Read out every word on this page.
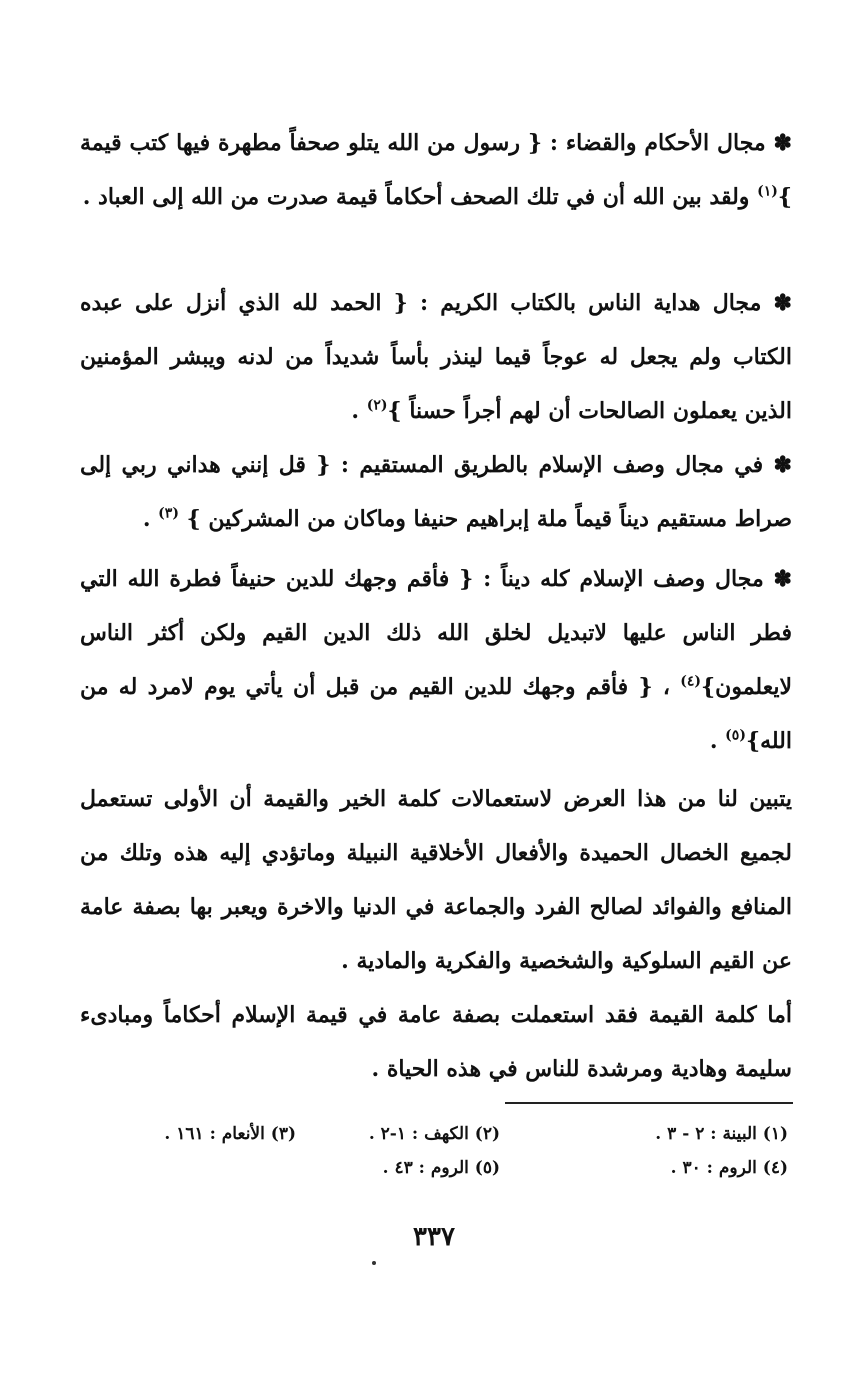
✽ مجال الأحكام والقضاء : { رسول من الله يتلو صحفاً مطهرة فيها كتب قيمة }$^{(١)}$ ولقد بين الله أن في تلك الصحف أحكاماً قيمة صدرت من الله إلى العباد .

✽ مجال هداية الناس بالكتاب الكريم : { الحمد لله الذي أنزل على عبده الكتاب ولم يجعل له عوجاً قيما لينذر بأساً شديداً من لدنه ويبشر المؤمنين الذين يعملون الصالحات أن لهم أجراً حسناً }$^{(٢)}$ .

✽ في مجال وصف الإسلام بالطريق المستقيم : { قل إنني هداني ربي إلى صراط مستقيم ديناً قيماً ملة إبراهيم حنيفا وماكان من المشركين } $^{(٣)}$ .

✽ مجال وصف الإسلام كله ديناً : { فأقم وجهك للدين حنيفاً فطرة الله التي فطر الناس عليها لاتبديل لخلق الله ذلك الدين القيم ولكن أكثر الناس لايعلمون}$^{(٤)}$ ، { فأقم وجهك للدين القيم من قبل أن يأتي يوم لامرد له من الله}$^{(٥)}$ .

يتبين لنا من هذا العرض لاستعمالات كلمة الخير والقيمة أن الأولى تستعمل لجميع الخصال الحميدة والأفعال الأخلاقية النبيلة وماتؤدي إليه هذه وتلك من المنافع والفوائد لصالح الفرد والجماعة في الدنيا والاخرة ويعبر بها بصفة عامة عن القيم السلوكية والشخصية والفكرية والمادية .

أما كلمة القيمة فقد استعملت بصفة عامة في قيمة الإسلام أحكاماً ومبادىء سليمة وهادية ومرشدة للناس في هذه الحياة .

(١) البينة : ٢ - ٣ .
(٢) الكهف : ١-٢ .
(٣) الأنعام : ١٦١ .
(٤) الروم : ٣٠ .
(٥) الروم : ٤٣ .
٣٣٧
